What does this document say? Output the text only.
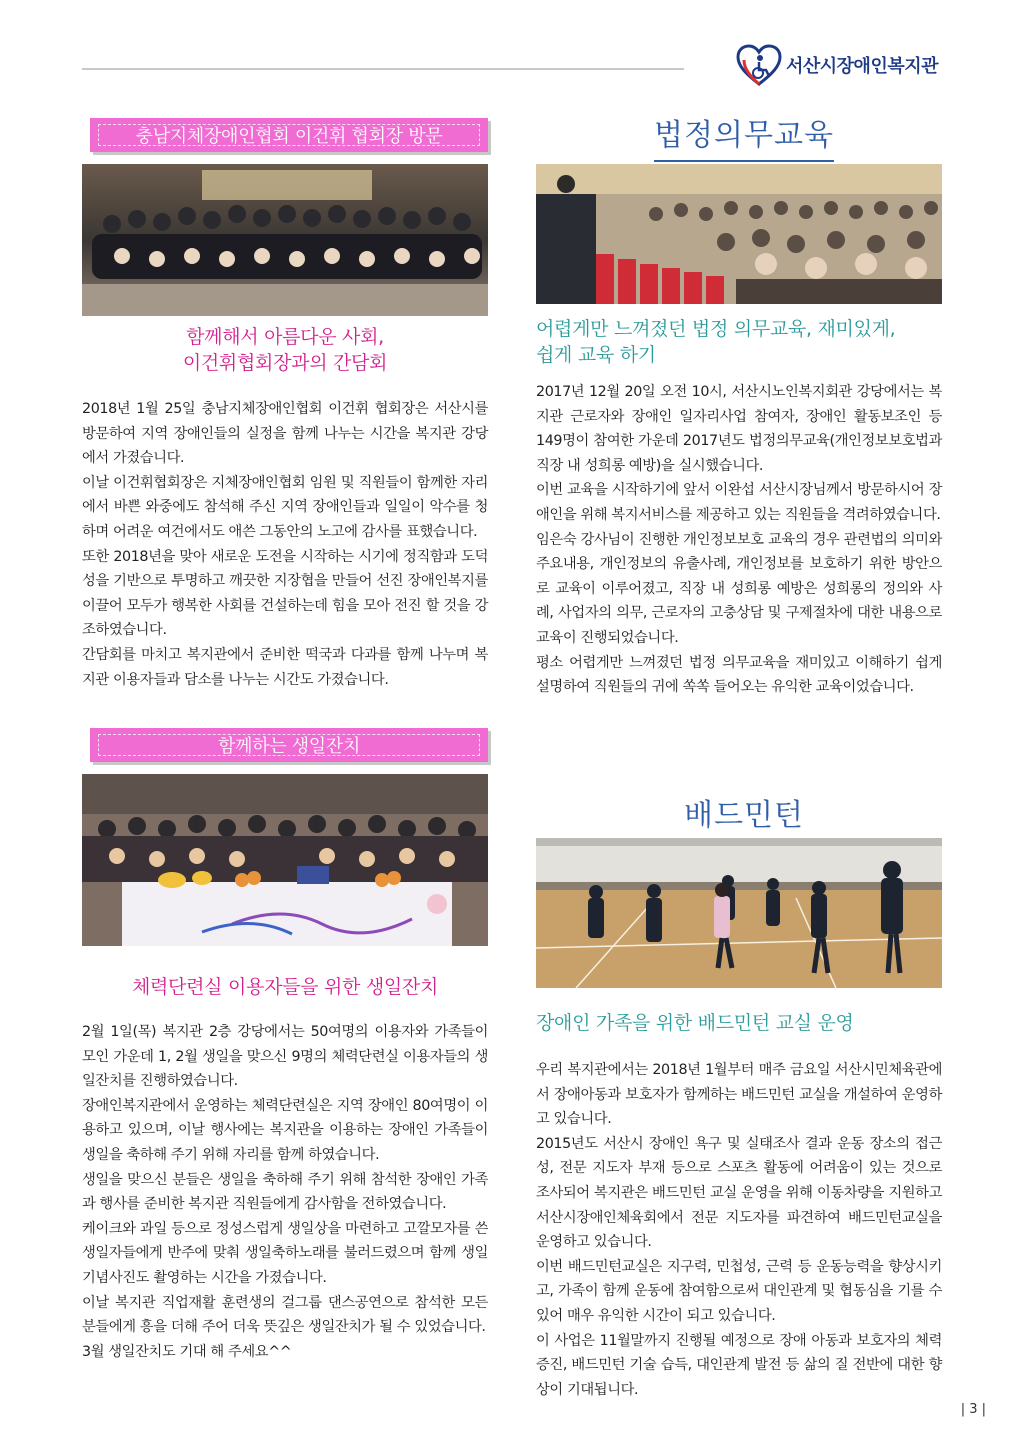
서산시장애인복지관
충남지체장애인협회 이건휘 협회장 방문
함께해서 아름다운 사회,
이건휘협회장과의 간담회

2018년 1월 25일 충남지체장애인협회 이건휘 협회장은 서산시를 방문하여 지역 장애인들의 실정을 함께 나누는 시간을 복지관 강당에서 가졌습니다.

이날 이건휘협회장은 지체장애인협회 임원 및 직원들이 함께한 자리에서 바쁜 와중에도 참석해 주신 지역 장애인들과 일일이 악수를 청하며 어려운 여건에서도 애쓴 그동안의 노고에 감사를 표했습니다.

또한 2018년을 맞아 새로운 도전을 시작하는 시기에 정직함과 도덕성을 기반으로 투명하고 깨끗한 지장협을 만들어 선진 장애인복지를 이끌어 모두가 행복한 사회를 건설하는데 힘을 모아 전진 할 것을 강조하였습니다.

간담회를 마치고 복지관에서 준비한 떡국과 다과를 함께 나누며 복지관 이용자들과 담소를 나누는 시간도 가졌습니다.

함께하는 생일잔치
체력단련실 이용자들을 위한 생일잔치

2월 1일(목) 복지관 2층 강당에서는 50여명의 이용자와 가족들이 모인 가운데 1, 2월 생일을 맞으신 9명의 체력단련실 이용자들의 생일잔치를 진행하였습니다.

장애인복지관에서 운영하는 체력단련실은 지역 장애인 80여명이 이용하고 있으며, 이날 행사에는 복지관을 이용하는 장애인 가족들이 생일을 축하해 주기 위해 자리를 함께 하였습니다.

생일을 맞으신 분들은 생일을 축하해 주기 위해 참석한 장애인 가족과 행사를 준비한 복지관 직원들에게 감사함을 전하였습니다.

케이크와 과일 등으로 정성스럽게 생일상을 마련하고 고깔모자를 쓴 생일자들에게 반주에 맞춰 생일축하노래를 불러드렸으며 함께 생일기념사진도 촬영하는 시간을 가졌습니다.

이날 복지관 직업재활 훈련생의 걸그룹 댄스공연으로 참석한 모든 분들에게 흥을 더해 주어 더욱 뜻깊은 생일잔치가 될 수 있었습니다.

3월 생일잔치도 기대 해 주세요^^

법정의무교육
어렵게만 느껴졌던 법정 의무교육, 재미있게,
쉽게 교육 하기

2017년 12월 20일 오전 10시, 서산시노인복지회관 강당에서는 복지관 근로자와 장애인 일자리사업 참여자, 장애인 활동보조인 등 149명이 참여한 가운데 2017년도 법정의무교육(개인정보보호법과 직장 내 성희롱 예방)을 실시했습니다.

이번 교육을 시작하기에 앞서 이완섭 서산시장님께서 방문하시어 장애인을 위해 복지서비스를 제공하고 있는 직원들을 격려하였습니다.

임은숙 강사님이 진행한 개인정보보호 교육의 경우 관련법의 의미와 주요내용, 개인정보의 유출사례, 개인정보를 보호하기 위한 방안으로 교육이 이루어졌고, 직장 내 성희롱 예방은 성희롱의 정의와 사례, 사업자의 의무, 근로자의 고충상담 및 구제절차에 대한 내용으로 교육이 진행되었습니다.

평소 어렵게만 느껴졌던 법정 의무교육을 재미있고 이해하기 쉽게 설명하여 직원들의 귀에 쏙쏙 들어오는 유익한 교육이었습니다.

배드민턴
장애인 가족을 위한 배드민턴 교실 운영

우리 복지관에서는 2018년 1월부터 매주 금요일 서산시민체육관에서 장애아동과 보호자가 함께하는 배드민턴 교실을 개설하여 운영하고 있습니다.

2015년도 서산시 장애인 욕구 및 실태조사 결과 운동 장소의 접근성, 전문 지도자 부재 등으로 스포츠 활동에 어려움이 있는 것으로 조사되어 복지관은 배드민턴 교실 운영을 위해 이동차량을 지원하고 서산시장애인체육회에서 전문 지도자를 파견하여 배드민턴교실을 운영하고 있습니다.

이번 배드민턴교실은 지구력, 민첩성, 근력 등 운동능력을 향상시키고, 가족이 함께 운동에 참여함으로써 대인관계 및 협동심을 기를 수 있어 매우 유익한 시간이 되고 있습니다.

이 사업은 11월말까지 진행될 예정으로 장애 아동과 보호자의 체력 증진, 배드민턴 기술 습득, 대인관계 발전 등 삶의 질 전반에 대한 향상이 기대됩니다.

| 3 |
